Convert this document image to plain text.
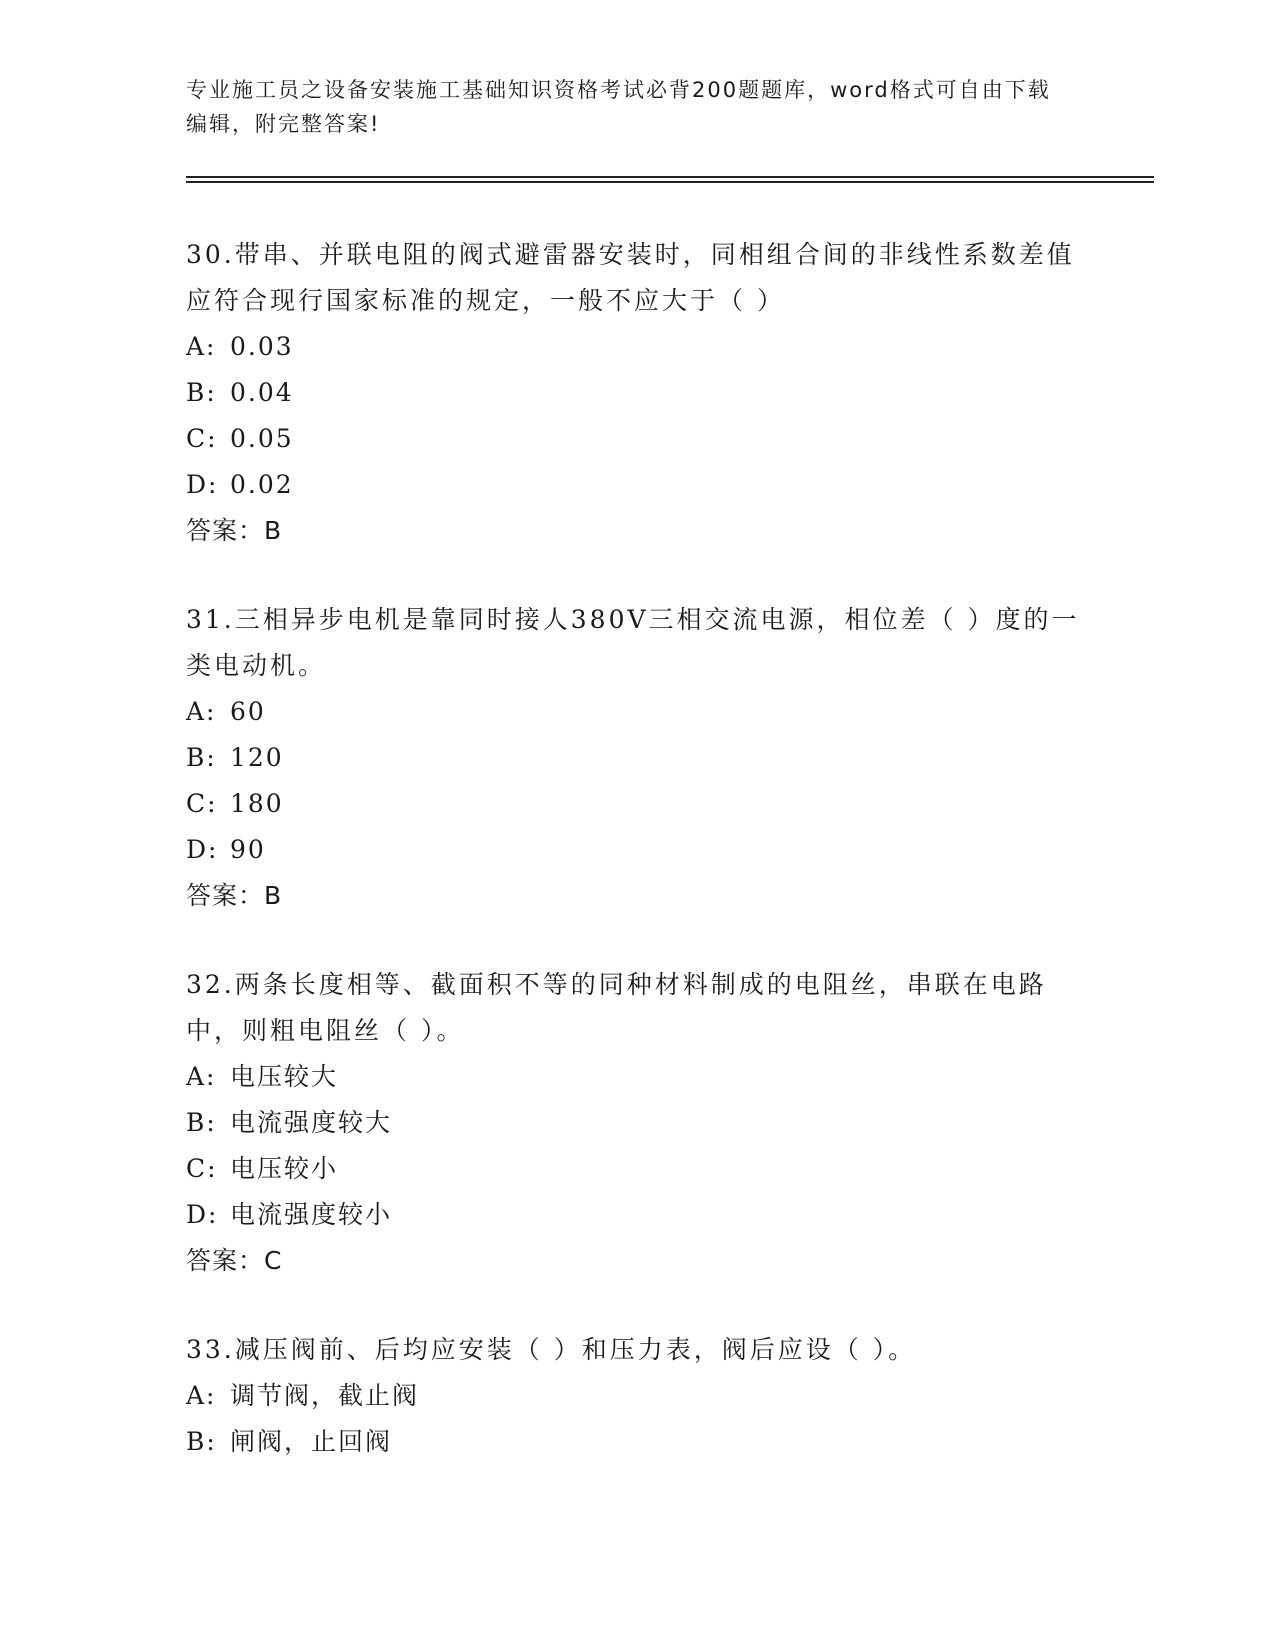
专业施工员之设备安装施工基础知识资格考试必背200题题库，word格式可自由下载编辑，附完整答案!

30.带串、并联电阻的阀式避雷器安装时，同相组合间的非线性系数差值应符合现行国家标准的规定，一般不应大于（ ）

A: 0.03
B: 0.04
C: 0.05
D: 0.02
答案：B

31.三相异步电机是靠同时接人380V三相交流电源，相位差（ ）度的一类电动机。

A: 60
B: 120
C: 180
D: 90
答案：B

32.两条长度相等、截面积不等的同种材料制成的电阻丝，串联在电路中，则粗电阻丝（ ）。

A: 电压较大
B: 电流强度较大
C: 电压较小
D: 电流强度较小
答案：C

33.减压阀前、后均应安装（ ）和压力表，阀后应设（ ）。

A: 调节阀，截止阀
B: 闸阀，止回阀
